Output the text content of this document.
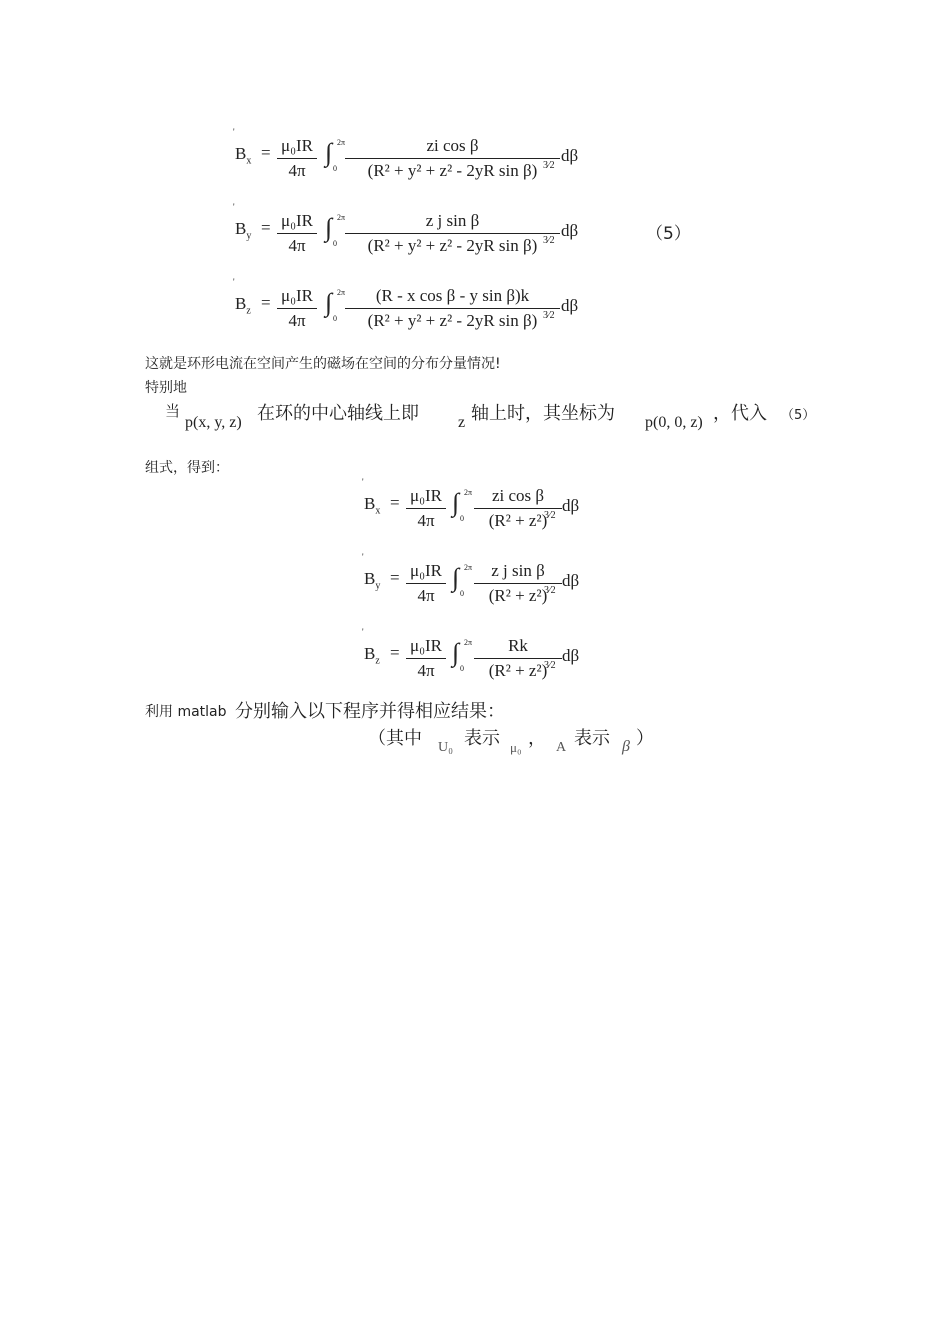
'
$B_x = \mu_0IR$
4π
∫ 2π
0
zi cos β
(R² + y² + z² - 2yR sin β) 3⁄2
dβ
'
$B_y = \mu_0IR$
4π
∫ 2π
0
z j sin β
(R² + y² + z² - 2yR sin β) 3⁄2
dβ	（5）
'
$B_z = \mu_0IR$
4π
∫ 2π
0
(R - x cos β - y sin β)k
(R² + y² + z² - 2yR sin β) 3⁄2
dβ
这就是环形电流在空间产生的磁场在空间的分布分量情况!
特别地
当
p(x, y, z) 在环的中心轴线上即 z 轴上时，其坐标为 p(0, 0, z) ，代入 （5）
组式，得到：
'
$B_x = \mu_0IR$
4π
∫ 2π
0
zi cos β
(R² + z²)
3⁄2
dβ
'
$B_y = \mu_0IR$
4π
∫ 2π
0
z j sin β
(R² + z²)
3⁄2
dβ
'
$B_z = \mu_0IR$
4π
∫ 2π
0
Rk
(R² + z²)
3⁄2
dβ
利用 matlab 分别输入以下程序并得相应结果：
（其中 U₀ 表示 μ₀ ， A 表示 β ）
